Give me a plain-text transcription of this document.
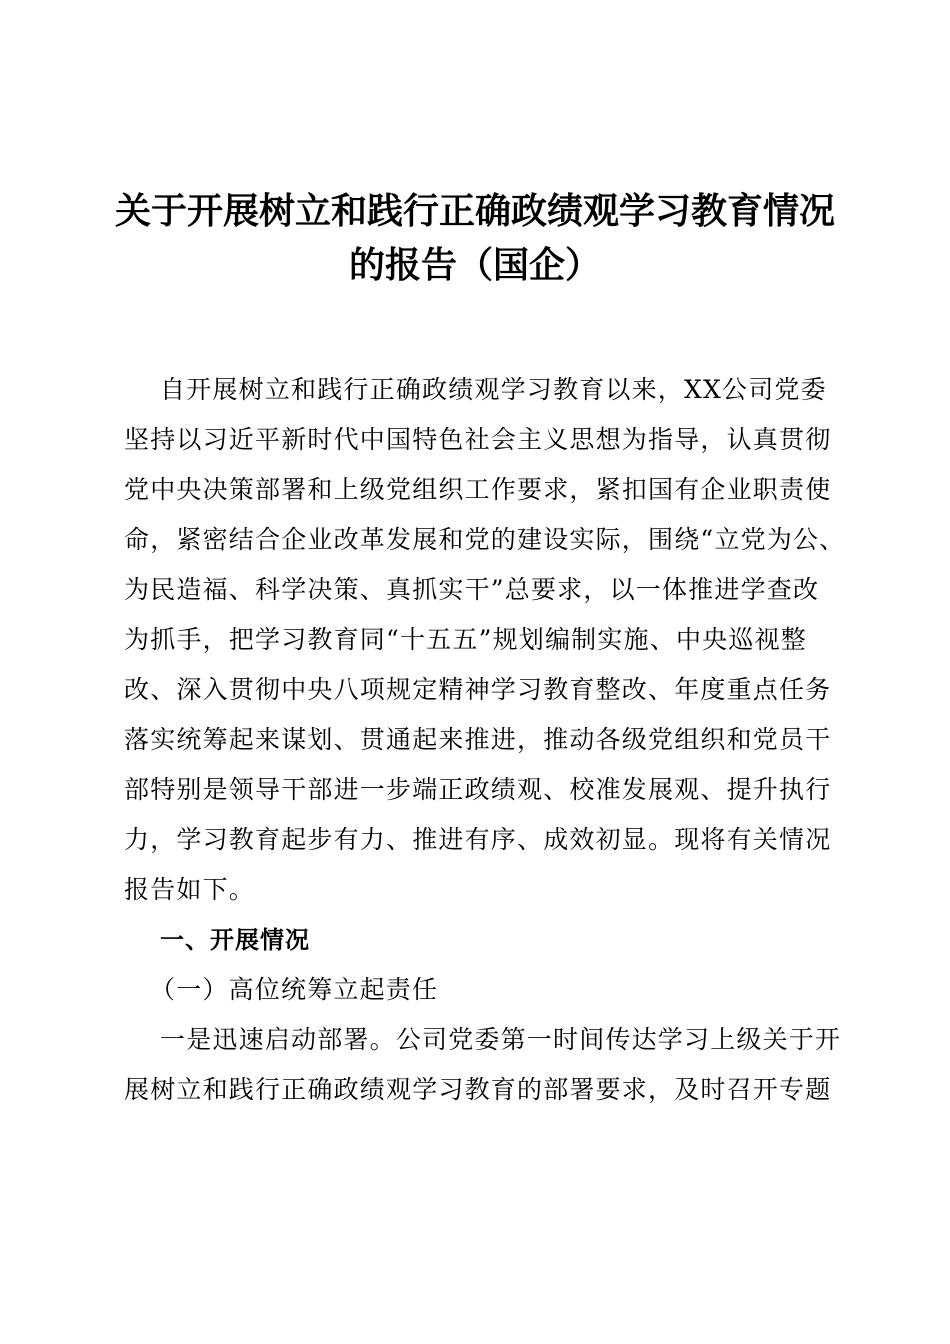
关于开展树立和践行正确政绩观学习教育情况
的报告（国企）
自开展树立和践行正确政绩观学习教育以来，XX公司党委
坚持以习近平新时代中国特色社会主义思想为指导，认真贯彻
党中央决策部署和上级党组织工作要求，紧扣国有企业职责使
命，紧密结合企业改革发展和党的建设实际，围绕“立党为公、
为民造福、科学决策、真抓实干”总要求，以一体推进学查改
为抓手，把学习教育同“十五五”规划编制实施、中央巡视整
改、深入贯彻中央八项规定精神学习教育整改、年度重点任务
落实统筹起来谋划、贯通起来推进，推动各级党组织和党员干
部特别是领导干部进一步端正政绩观、校准发展观、提升执行
力，学习教育起步有力、推进有序、成效初显。现将有关情况
报告如下。
一、开展情况
（一）高位统筹立起责任
一是迅速启动部署。公司党委第一时间传达学习上级关于开
展树立和践行正确政绩观学习教育的部署要求，及时召开专题
